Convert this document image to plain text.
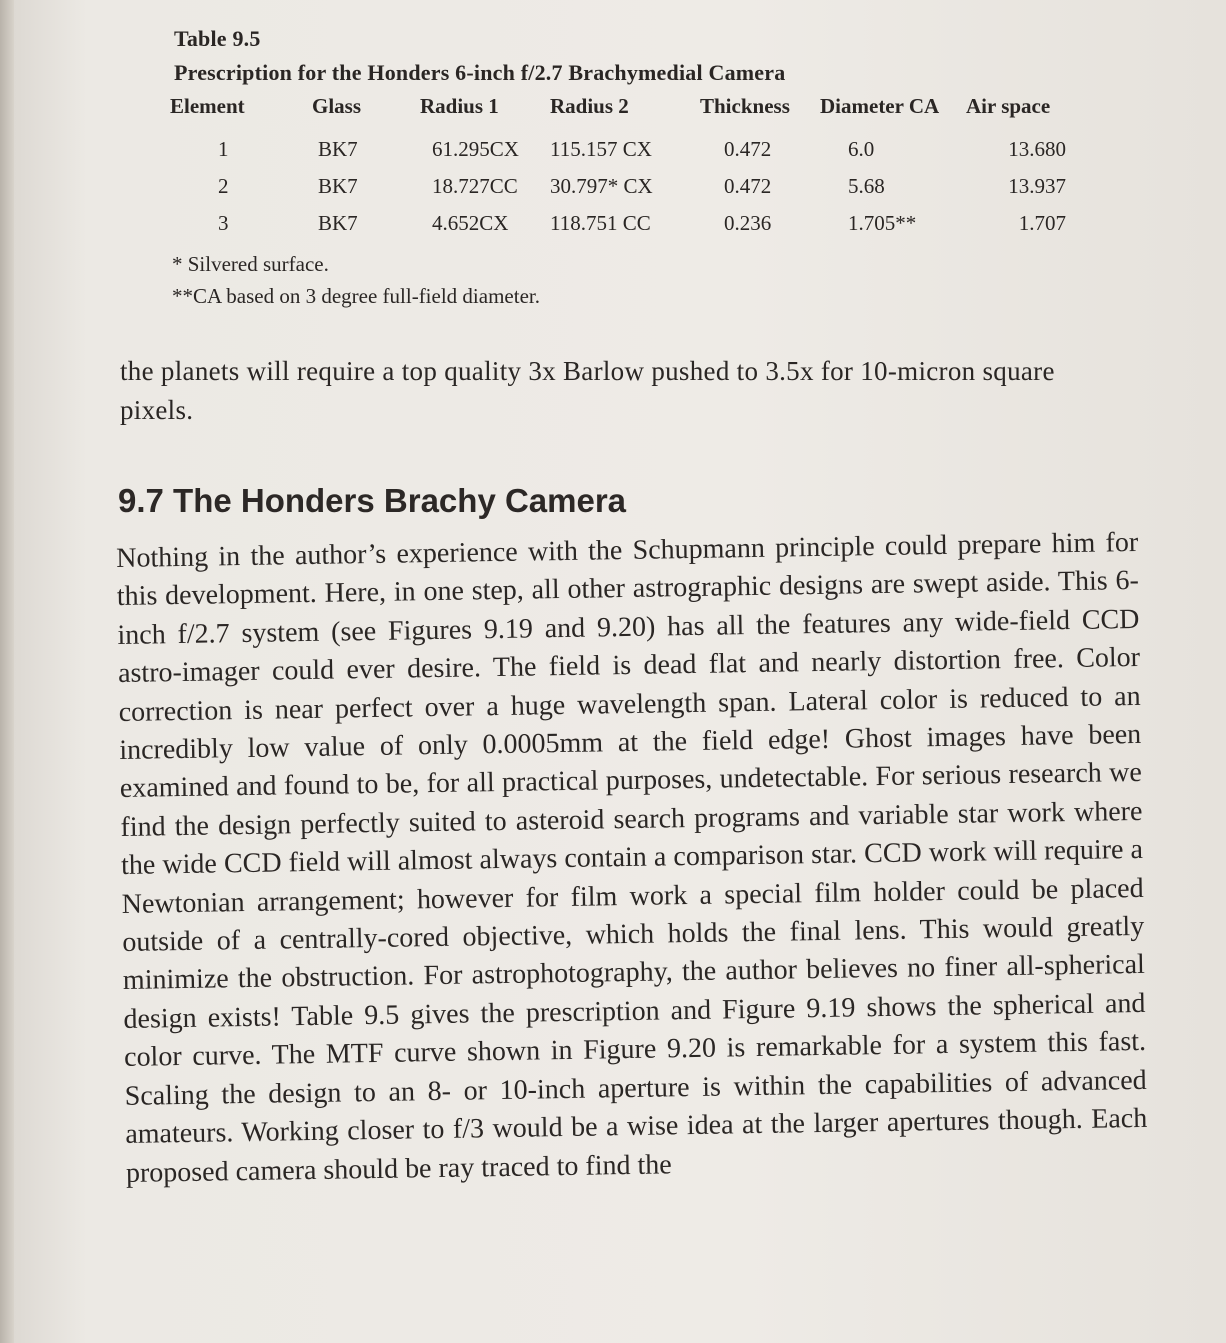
Table 9.5
Prescription for the Honders 6-inch f/2.7 Brachymedial Camera
Element	Glass	Radius 1	Radius 2	Thickness	Diameter CA	Air space
1	BK7	61.295CX	115.157 CX	0.472	6.0	13.680
2	BK7	18.727CC	30.797* CX	0.472	5.68	13.937
3	BK7	4.652CX	118.751 CC	0.236	1.705**	1.707
* Silvered surface.
**CA based on 3 degree full-field diameter.
the planets will require a top quality 3x Barlow pushed to 3.5x for 10-micron square pixels.
9.7 The Honders Brachy Camera
Nothing in the author’s experience with the Schupmann principle could prepare him for this development. Here, in one step, all other astrographic designs are swept aside. This 6-inch f/2.7 system (see Figures 9.19 and 9.20) has all the features any wide-field CCD astro-imager could ever desire. The field is dead flat and nearly distortion free. Color correction is near perfect over a huge wavelength span. Lateral color is reduced to an incredibly low value of only 0.0005mm at the field edge! Ghost images have been examined and found to be, for all practical purposes, undetectable. For serious research we find the design perfectly suited to asteroid search programs and variable star work where the wide CCD field will almost always contain a comparison star. CCD work will require a Newtonian arrangement; however for film work a special film holder could be placed outside of a centrally-cored objective, which holds the final lens. This would greatly minimize the obstruction. For astrophotography, the author believes no finer all-spherical design exists! Table 9.5 gives the prescription and Figure 9.19 shows the spherical and color curve. The MTF curve shown in Figure 9.20 is remarkable for a system this fast. Scaling the design to an 8- or 10-inch aperture is within the capabilities of advanced amateurs. Working closer to f/3 would be a wise idea at the larger apertures though. Each proposed camera should be ray traced to find the
